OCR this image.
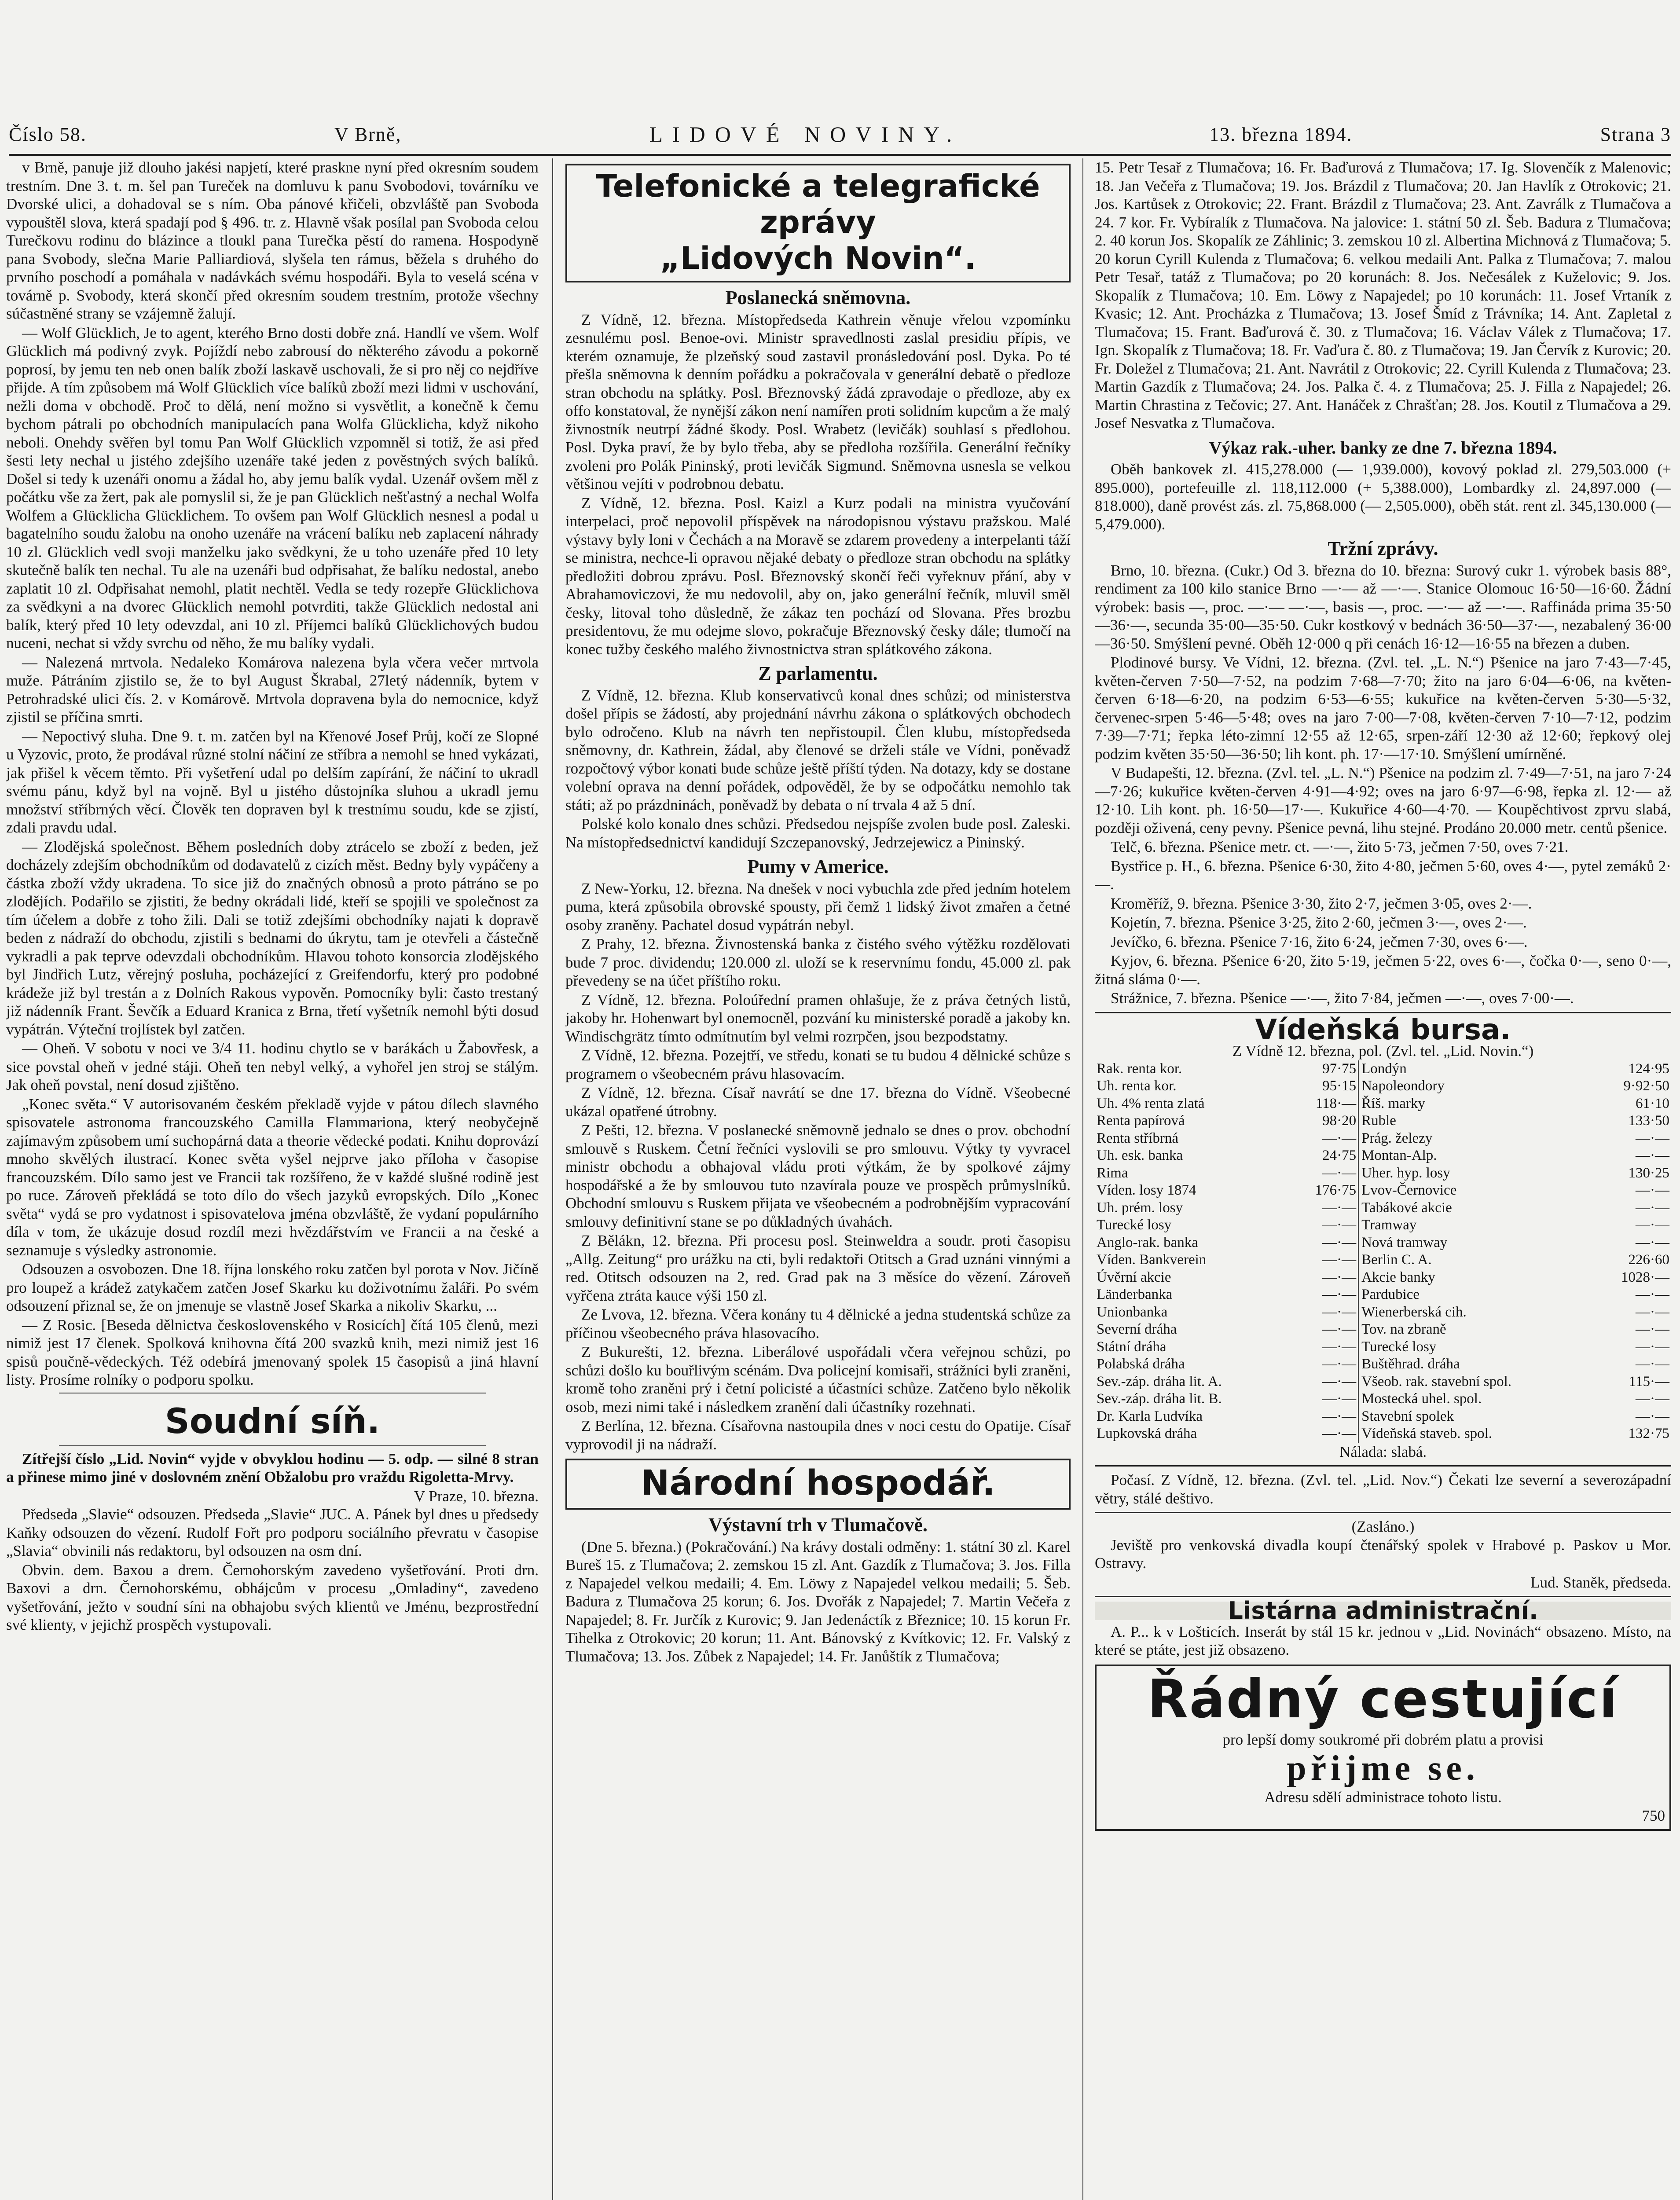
Číslo 58.	V Brně,	LIDOVÉ NOVINY.	13. března 1894.	Strana 3

v Brně, panuje již dlouho jakési napjetí, které praskne nyní před okresním soudem trestním. Dne 3. t. m. šel pan Tureček na domluvu k panu Svobodovi, továrníku ve Dvorské ulici, a dohadoval se s ním. Oba pánové křičeli, obzvláště pan Svoboda vypouštěl slova, která spadají pod § 496. tr. z. Hlavně však posílal pan Svoboda celou Turečkovu rodinu do blázince a tloukl pana Turečka pěstí do ramena. Hospodyně pana Svobody, slečna Marie Palliardiová, slyšela ten rámus, běžela s druhého do prvního poschodí a pomáhala v nadávkách svému hospodáři. Byla to veselá scéna v továrně p. Svobody, která skončí před okresním soudem trestním, protože všechny súčastněné strany se vzájemně žalují.

— Wolf Glücklich, Je to agent, kterého Brno dosti dobře zná. Handlí ve všem. Wolf Glücklich má podivný zvyk. Pojíždí nebo zabrousí do některého závodu a pokorně poprosí, by jemu ten neb onen balík zboží laskavě uschovali, že si pro něj co nejdříve přijde. A tím způsobem má Wolf Glücklich více balíků zboží mezi lidmi v uschování, nežli doma v obchodě. Proč to dělá, není možno si vysvětlit, a konečně k čemu bychom pátrali po obchodních manipulacích pana Wolfa Glücklicha, když nikoho neboli. Onehdy svěřen byl tomu Pan Wolf Glücklich vzpomněl si totiž, že asi před šesti lety nechal u jistého zdejšího uzenáře také jeden z pověstných svých balíků. Došel si tedy k uzenáři onomu a žádal ho, aby jemu balík vydal. Uzenář ovšem měl z počátku vše za žert, pak ale pomyslil si, že je pan Glücklich nešťastný a nechal Wolfa Wolfem a Glücklicha Glücklichem. To ovšem pan Wolf Glücklich nesnesl a podal u bagatelního soudu žalobu na onoho uzenáře na vrácení balíku neb zaplacení náhrady 10 zl. Glücklich vedl svoji manželku jako svědkyni, že u toho uzenáře před 10 lety skutečně balík ten nechal. Tu ale na uzenáři bud odpřisahat, že balíku nedostal, anebo zaplatit 10 zl. Odpřisahat nemohl, platit nechtěl. Vedla se tedy rozepře Glücklichova za svědkyni a na dvorec Glücklich nemohl potvrditi, takže Glücklich nedostal ani balík, který před 10 lety odevzdal, ani 10 zl. Příjemci balíků Glücklichových budou nuceni, nechat si vždy svrchu od něho, že mu balíky vydali.

— Nalezená mrtvola. Nedaleko Komárova nalezena byla včera večer mrtvola muže. Pátráním zjistilo se, že to byl August Škrabal, 27letý nádenník, bytem v Petrohradské ulici čís. 2. v Komárově. Mrtvola dopravena byla do nemocnice, když zjistil se příčina smrti.

— Nepoctivý sluha. Dne 9. t. m. zatčen byl na Křenové Josef Průj, kočí ze Slopné u Vyzovic, proto, že prodával různé stolní náčiní ze stříbra a nemohl se hned vykázati, jak přišel k věcem těmto. Při vyšetření udal po delším zapírání, že náčiní to ukradl svému pánu, když byl na vojně. Byl u jistého důstojníka sluhou a ukradl jemu množství stříbrných věcí. Člověk ten dopraven byl k trestnímu soudu, kde se zjistí, zdali pravdu udal.

— Zlodějská společnost. Během posledních doby ztrácelo se zboží z beden, jež docházely zdejším obchodníkům od dodavatelů z cizích měst. Bedny byly vypáčeny a částka zboží vždy ukradena. To sice již do značných obnosů a proto pátráno se po zlodějích. Podařilo se zjistiti, že bedny okrádali lidé, kteří se spojili ve společnost za tím účelem a dobře z toho žili. Dali se totiž zdejšími obchodníky najati k dopravě beden z nádraží do obchodu, zjistili s bednami do úkrytu, tam je otevřeli a částečně vykradli a pak teprve odevzdali obchodníkům. Hlavou tohoto konsorcia zlodějského byl Jindřich Lutz, věrejný posluha, pocházející z Greifendorfu, který pro podobné krádeže již byl trestán a z Dolních Rakous vypověn. Pomocníky byli: často trestaný již nádenník Frant. Ševčík a Eduard Kranica z Brna, třetí vyšetník nemohl býti dosud vypátrán. Výteční trojlístek byl zatčen.

— Oheň. V sobotu v noci ve 3/4 11. hodinu chytlo se v barákách u Žabovřesk, a sice povstal oheň v jedné stáji. Oheň ten nebyl velký, a vyhořel jen stroj se stálým. Jak oheň povstal, není dosud zjištěno.

„Konec světa.“ V autorisovaném českém překladě vyjde v pátou dílech slavného spisovatele astronoma francouzského Camilla Flammariona, který neobyčejně zajímavým způsobem umí suchopárná data a theorie vědecké podati. Knihu doprovází mnoho skvělých ilustrací. Konec světa vyšel nejprve jako příloha v časopise francouzském. Dílo samo jest ve Francii tak rozšířeno, že v každé slušné rodině jest po ruce. Zároveň překládá se toto dílo do všech jazyků evropských. Dílo „Konec světa“ vydá se pro vydatnost i spisovatelova jména obzvláště, že vydaní populárního díla v tom, že ukázuje dosud rozdíl mezi hvězdářstvím ve Francii a na české a seznamuje s výsledky astronomie.

Odsouzen a osvobozen. Dne 18. října lonského roku zatčen byl porota v Nov. Jičíně pro loupež a krádež zatykačem zatčen Josef Skarku ku doživotnímu žaláři. Po svém odsouzení přiznal se, že on jmenuje se vlastně Josef Skarka a nikoliv Skarku, ...

— Z Rosic. [Beseda dělnictva československého v Rosicích] čítá 105 členů, mezi nimiž jest 17 členek. Spolková knihovna čítá 200 svazků knih, mezi nimiž jest 16 spisů poučně-vědeckých. Též odebírá jmenovaný spolek 15 časopisů a jiná hlavní listy. Prosíme rolníky o podporu spolku.

Soudní síň.

Zítřejší číslo „Lid. Novin“ vyjde v obvyklou hodinu — 5. odp. — silné 8 stran a přinese mimo jiné v doslovném znění Obžalobu pro vraždu Rigoletta-Mrvy.

V Praze, 10. března.

Předseda „Slavie“ odsouzen. Předseda „Slavie“ JUC. A. Pánek byl dnes u předsedy Kaňky odsouzen do vězení. Rudolf Fořt pro podporu sociálního převratu v časopise „Slavia“ obvinili nás redaktoru, byl odsouzen na osm dní.

Obvin. dem. Baxou a drem. Černohorským zavedeno vyšetřování. Proti drn. Baxovi a drn. Černohorskému, obhájcům v procesu „Omladiny“, zavedeno vyšetřování, ježto v soudní síni na obhajobu svých klientů ve Jménu, bezprostřední své klienty, v jejichž prospěch vystupovali.

Telefonické a telegrafické zprávy
„Lidových Novin“.
Poslanecká sněmovna.

Z Vídně, 12. března. Místopředseda Kathrein věnuje vřelou vzpomínku zesnulému posl. Benoe-ovi. Ministr spravedlnosti zaslal presidiu přípis, ve kterém oznamuje, že plzeňský soud zastavil pronásledování posl. Dyka. Po té přešla sněmovna k denním pořádku a pokračovala v generální debatě o předloze stran obchodu na splátky. Posl. Březnovský žádá zpravodaje o předloze, aby ex offo konstatoval, že nynější zákon není namířen proti solidním kupcům a že malý živnostník neutrpí žádné škody. Posl. Wrabetz (levičák) souhlasí s předlohou. Posl. Dyka praví, že by bylo třeba, aby se předloha rozšířila. Generální řečníky zvoleni pro Polák Pininský, proti levičák Sigmund. Sněmovna usnesla se velkou většinou vejíti v podrobnou debatu.

Z Vídně, 12. března. Posl. Kaizl a Kurz podali na ministra vyučování interpelaci, proč nepovolil příspěvek na národopisnou výstavu pražskou. Malé výstavy byly loni v Čechách a na Moravě se zdarem provedeny a interpelanti táží se ministra, nechce-li opravou nějaké debaty o předloze stran obchodu na splátky předložiti dobrou zprávu. Posl. Březnovský skončí řeči vyřeknuv přání, aby v Abrahamoviczovi, že mu nedovolil, aby on, jako generální řečník, mluvil směl česky, litoval toho důsledně, že zákaz ten pochází od Slovana. Přes brozbu presidentovu, že mu odejme slovo, pokračuje Březnovský česky dále; tlumočí na konec tužby českého malého živnostnictva stran splátkového zákona.

Z parlamentu.

Z Vídně, 12. března. Klub konservativců konal dnes schůzi; od ministerstva došel přípis se žádostí, aby projednání návrhu zákona o splátkových obchodech bylo odročeno. Klub na návrh ten nepřistoupil. Člen klubu, místopředseda sněmovny, dr. Kathrein, žádal, aby členové se drželi stále ve Vídni, poněvadž rozpočtový výbor konati bude schůze ještě příští týden. Na dotazy, kdy se dostane volební oprava na denní pořádek, odpověděl, že by se odpočátku nemohlo tak státi; až po prázdninách, poněvadž by debata o ní trvala 4 až 5 dní.

Polské kolo konalo dnes schůzi. Předsedou nejspíše zvolen bude posl. Zaleski. Na místopředsednictví kandidují Szczepanovský, Jedrzejewicz a Pininský.

Pumy v Americe.

Z New-Yorku, 12. března. Na dnešek v noci vybuchla zde před jedním hotelem puma, která způsobila obrovské spousty, při čemž 1 lidský život zmařen a četné osoby zraněny. Pachatel dosud vypátrán nebyl.

Z Prahy, 12. března. Živnostenská banka z čistého svého výtěžku rozdělovati bude 7 proc. dividendu; 120.000 zl. uloží se k reservnímu fondu, 45.000 zl. pak převedeny se na účet příštího roku.

Z Vídně, 12. března. Poloúřední pramen ohlašuje, že z práva četných listů, jakoby hr. Hohenwart byl onemocněl, pozvání ku ministerské poradě a jakoby kn. Windischgrätz tímto odmítnutím byl velmi rozrpčen, jsou bezpodstatny.

Z Vídně, 12. března. Pozejtří, ve středu, konati se tu budou 4 dělnické schůze s programem o všeobecném právu hlasovacím.

Z Vídně, 12. března. Císař navrátí se dne 17. března do Vídně. Všeobecné ukázal opatřené útrobny.

Z Pešti, 12. března. V poslanecké sněmovně jednalo se dnes o prov. obchodní smlouvě s Ruskem. Četní řečníci vyslovili se pro smlouvu. Výtky ty vyvracel ministr obchodu a obhajoval vládu proti výtkám, že by spolkové zájmy hospodářské a že by smlouvou tuto nzavírala pouze ve prospěch průmyslníků. Obchodní smlouvu s Ruskem přijata ve všeobecném a podrobnějším vypracování smlouvy definitivní stane se po důkladných úvahách.

Z Bělákn, 12. března. Při procesu posl. Steinweldra a soudr. proti časopisu „Allg. Zeitung“ pro urážku na cti, byli redaktoři Otitsch a Grad uznáni vinnými a red. Otitsch odsouzen na 2, red. Grad pak na 3 měsíce do vězení. Zároveň vyřčena ztráta kauce výši 150 zl.

Ze Lvova, 12. března. Včera konány tu 4 dělnické a jedna studentská schůze za příčinou všeobecného práva hlasovacího.

Z Bukurešti, 12. března. Liberálové uspořádali včera veřejnou schůzi, po schůzi došlo ku bouřlivým scénám. Dva policejní komisaři, strážníci byli zraněni, kromě toho zraněni prý i četní policisté a účastníci schůze. Zatčeno bylo několik osob, mezi nimi také i následkem zranění dali účastníky rozehnati.

Z Berlína, 12. března. Císařovna nastoupila dnes v noci cestu do Opatije. Císař vyprovodil ji na nádraží.

Národní hospodář.
Výstavní trh v Tlumačově.

(Dne 5. března.) (Pokračování.) Na krávy dostali odměny: 1. státní 30 zl. Karel Bureš 15. z Tlumačova; 2. zemskou 15 zl. Ant. Gazdík z Tlumačova; 3. Jos. Filla z Napajedel velkou medaili; 4. Em. Löwy z Napajedel velkou medaili; 5. Šeb. Badura z Tlumačova 25 korun; 6. Jos. Dvořák z Napajedel; 7. Martin Večeřa z Napajedel; 8. Fr. Jurčík z Kurovic; 9. Jan Jedenáctík z Březnice; 10. 15 korun Fr. Tihelka z Otrokovic; 20 korun; 11. Ant. Bánovský z Kvítkovic; 12. Fr. Valský z Tlumačova; 13. Jos. Zůbek z Napajedel; 14. Fr. Janůštík z Tlumačova;

15. Petr Tesař z Tlumačova; 16. Fr. Baďurová z Tlumačova; 17. Ig. Slovenčík z Malenovic; 18. Jan Večeřa z Tlumačova; 19. Jos. Brázdil z Tlumačova; 20. Jan Havlík z Otrokovic; 21. Jos. Kartůsek z Otrokovic; 22. Frant. Brázdil z Tlumačova; 23. Ant. Zavrálk z Tlumačova a 24. 7 kor. Fr. Vybíralík z Tlumačova. Na jalovice: 1. státní 50 zl. Šeb. Badura z Tlumačova; 2. 40 korun Jos. Skopalík ze Záhlinic; 3. zemskou 10 zl. Albertina Michnová z Tlumačova; 5. 20 korun Cyrill Kulenda z Tlumačova; 6. velkou medaili Ant. Palka z Tlumačova; 7. malou Petr Tesař, tatáž z Tlumačova; po 20 korunách: 8. Jos. Nečesálek z Kuželovic; 9. Jos. Skopalík z Tlumačova; 10. Em. Löwy z Napajedel; po 10 korunách: 11. Josef Vrtaník z Kvasic; 12. Ant. Procházka z Tlumačova; 13. Josef Šmíd z Trávníka; 14. Ant. Zapletal z Tlumačova; 15. Frant. Baďurová č. 30. z Tlumačova; 16. Václav Válek z Tlumačova; 17. Ign. Skopalík z Tlumačova; 18. Fr. Vaďura č. 80. z Tlumačova; 19. Jan Červík z Kurovic; 20. Fr. Doležel z Tlumačova; 21. Ant. Navrátil z Otrokovic; 22. Cyrill Kulenda z Tlumačova; 23. Martin Gazdík z Tlumačova; 24. Jos. Palka č. 4. z Tlumačova; 25. J. Filla z Napajedel; 26. Martin Chrastina z Tečovic; 27. Ant. Hanáček z Chrašťan; 28. Jos. Koutil z Tlumačova a 29. Josef Nesvatka z Tlumačova.

Výkaz rak.-uher. banky ze dne 7. března 1894.

Oběh bankovek zl. 415,278.000 (— 1,939.000), kovový poklad zl. 279,503.000 (+ 895.000), portefeuille zl. 118,112.000 (+ 5,388.000), Lombardky zl. 24,897.000 (— 818.000), daně provést zás. zl. 75,868.000 (— 2,505.000), oběh stát. rent zl. 345,130.000 (— 5,479.000).

Tržní zprávy.

Brno, 10. března. (Cukr.) Od 3. března do 10. března: Surový cukr 1. výrobek basis 88°, rendiment za 100 kilo stanice Brno —·— až —·—. Stanice Olomouc 16·50—16·60. Žádní výrobek: basis —, proc. —·— —·—, basis —, proc. —·— až —·—. Raffináda prima 35·50—36·—, secunda 35·00—35·50. Cukr kostkový v bednách 36·50—37·—, nezabalený 36·00—36·50. Smýšlení pevné. Oběh 12·000 q při cenách 16·12—16·55 na březen a duben.

Plodinové bursy. Ve Vídni, 12. března. (Zvl. tel. „L. N.“) Pšenice na jaro 7·43—7·45, květen-červen 7·50—7·52, na podzim 7·68—7·70; žito na jaro 6·04—6·06, na květen-červen 6·18—6·20, na podzim 6·53—6·55; kukuřice na květen-červen 5·30—5·32, červenec-srpen 5·46—5·48; oves na jaro 7·00—7·08, květen-červen 7·10—7·12, podzim 7·39—7·71; řepka léto-zimní 12·55 až 12·65, srpen-září 12·30 až 12·60; řepkový olej podzim květen 35·50—36·50; lih kont. ph. 17·—17·10. Smýšlení umírněné.

V Budapešti, 12. března. (Zvl. tel. „L. N.“) Pšenice na podzim zl. 7·49—7·51, na jaro 7·24—7·26; kukuřice květen-červen 4·91—4·92; oves na jaro 6·97—6·98, řepka zl. 12·— až 12·10. Lih kont. ph. 16·50—17·—. Kukuřice 4·60—4·70. — Koupěchtivost zprvu slabá, později oživená, ceny pevny. Pšenice pevná, lihu stejné. Prodáno 20.000 metr. centů pšenice.

Telč, 6. března. Pšenice metr. ct. —·—, žito 5·73, ječmen 7·50, oves 7·21.

Bystřice p. H., 6. března. Pšenice 6·30, žito 4·80, ječmen 5·60, oves 4·—, pytel zemáků 2·—.

Kroměříž, 9. března. Pšenice 3·30, žito 2·7, ječmen 3·05, oves 2·—.

Kojetín, 7. března. Pšenice 3·25, žito 2·60, ječmen 3·—, oves 2·—.

Jevíčko, 6. března. Pšenice 7·16, žito 6·24, ječmen 7·30, oves 6·—.

Kyjov, 6. března. Pšenice 6·20, žito 5·19, ječmen 5·22, oves 6·—, čočka 0·—, seno 0·—, žitná sláma 0·—.

Strážnice, 7. března. Pšenice —·—, žito 7·84, ječmen —·—, oves 7·00·—.

Vídeňská bursa.
Z Vídně 12. března, pol. (Zvl. tel. „Lid. Novin.“)
Rak. renta kor.	97·75		Londýn	124·95
Uh. renta kor.	95·15		Napoleondory	9·92·50
Uh. 4% renta zlatá	118·—		Říš. marky	61·10
Renta papírová	98·20		Ruble	133·50
Renta stříbrná	—·—		Prág. železy	—·—
Uh. esk. banka	24·75		Montan-Alp.	—·—
Rima	—·—		Uher. hyp. losy	130·25
Víden. losy 1874	176·75		Lvov-Černovice	—·—
Uh. prém. losy	—·—		Tabákové akcie	—·—
Turecké losy	—·—		Tramway	—·—
Anglo-rak. banka	—·—		Nová tramway	—·—
Víden. Bankverein	—·—		Berlin C. A.	226·60
Úvěrní akcie	—·—		Akcie banky	1028·—
Länderbanka	—·—		Pardubice	—·—
Unionbanka	—·—		Wienerberská cih.	—·—
Severní dráha	—·—		Tov. na zbraně	—·—
Státní dráha	—·—		Turecké losy	—·—
Polabská dráha	—·—		Buštěhrad. dráha	—·—
Sev.-záp. dráha lit. A.	—·—		Všeob. rak. stavební spol.	115·—
Sev.-záp. dráha lit. B.	—·—		Mostecká uhel. spol.	—·—
Dr. Karla Ludvíka	—·—		Stavební spolek	—·—
Lupkovská dráha	—·—		Vídeňská staveb. spol.	132·75
Nálada: slabá.

Počasí. Z Vídně, 12. března. (Zvl. tel. „Lid. Nov.“) Čekati lze severní a severozápadní větry, stálé deštivo.

(Zasláno.)

Jeviště pro venkovská divadla koupí čtenářský spolek v Hrabové p. Paskov u Mor. Ostravy.

Lud. Staněk, předseda.
Listárna administrační.

A. P... k v Lošticích. Inserát by stál 15 kr. jednou v „Lid. Novinách“ obsazeno. Místo, na které se ptáte, jest již obsazeno.

Řádný cestující
pro lepší domy soukromé při dobrém platu a provisi
přijme se.
Adresu sdělí administrace tohoto listu.
750
